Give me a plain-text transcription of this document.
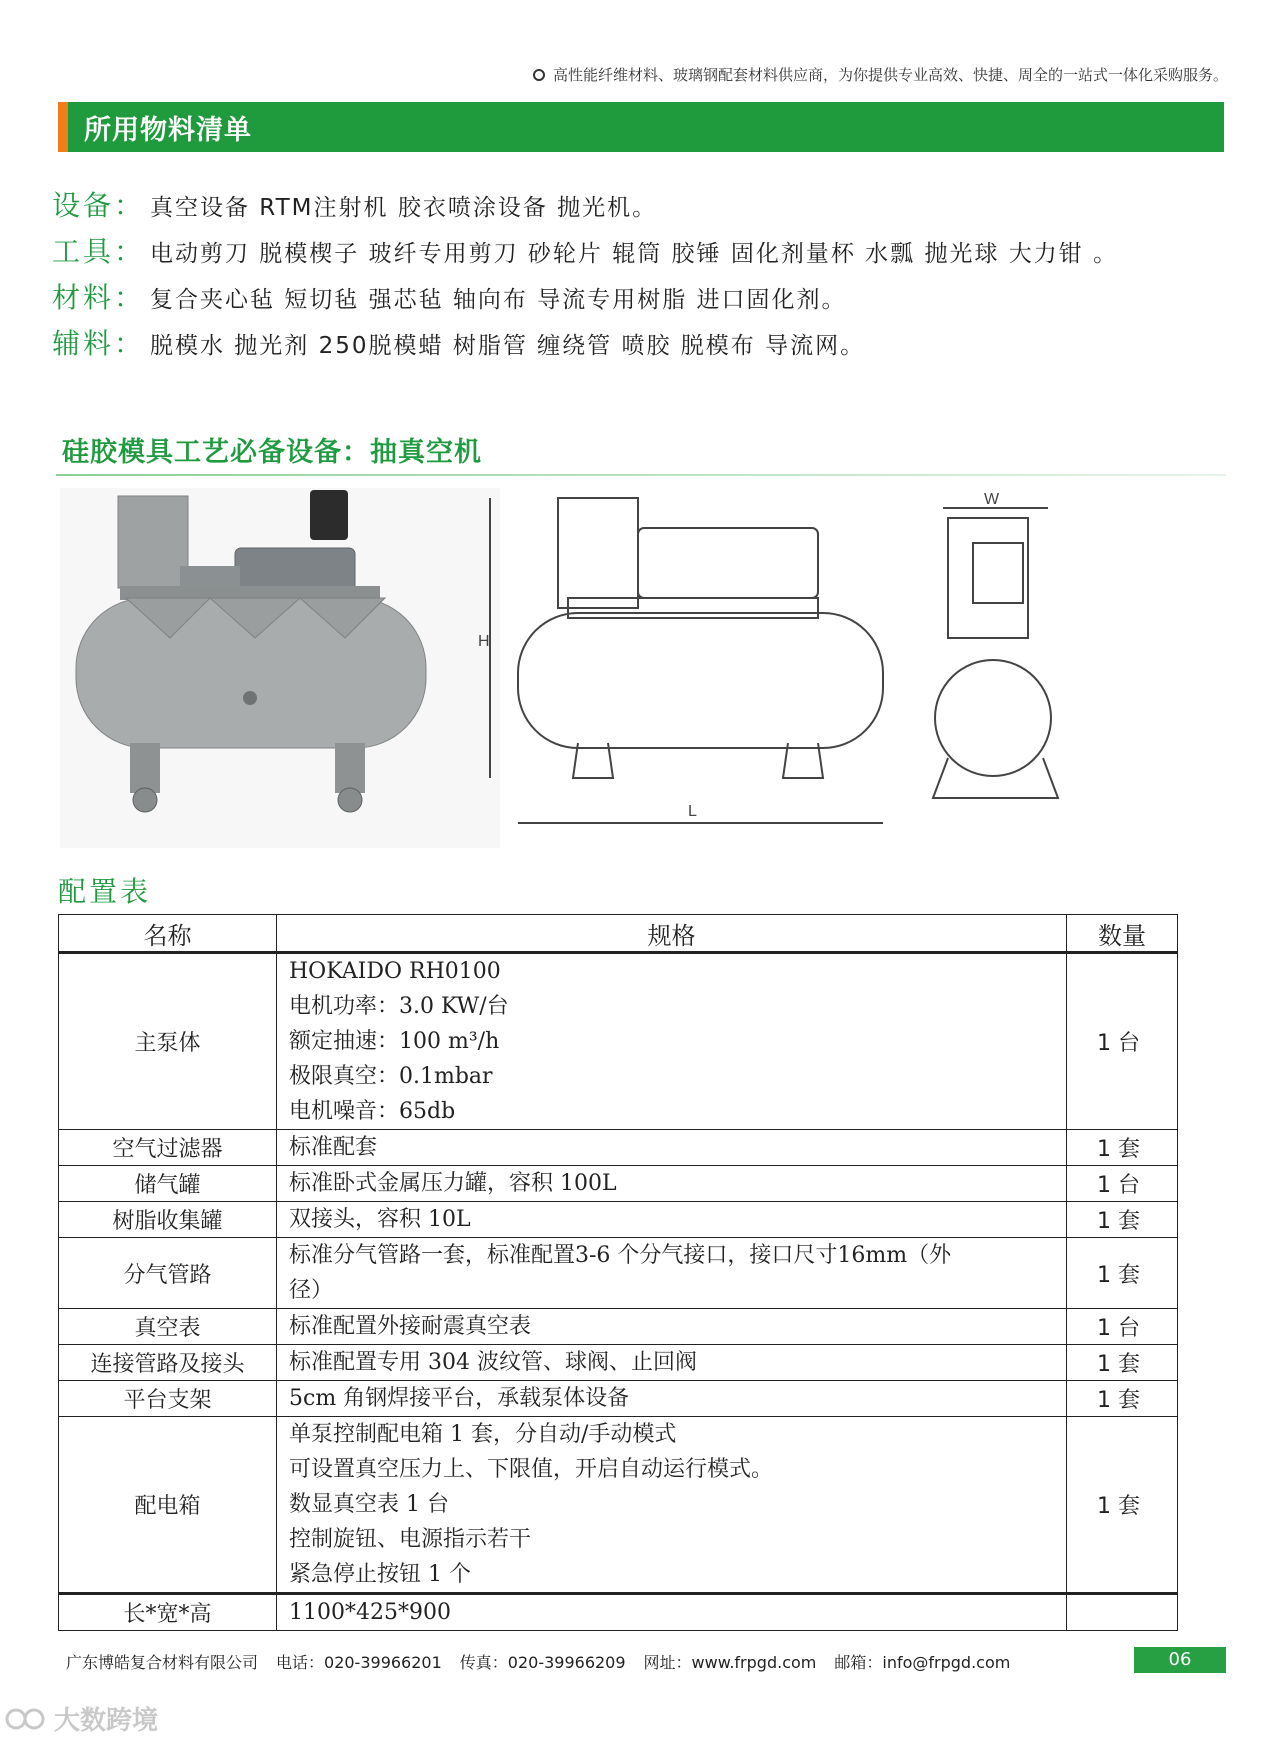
高性能纤维材料、玻璃钢配套材料供应商，为你提供专业高效、快捷、周全的一站式一体化采购服务。
所用物料清单
设备： 真空设备 RTM注射机 胶衣喷涂设备 抛光机。
工具： 电动剪刀 脱模楔子 玻纤专用剪刀 砂轮片 辊筒 胶锤 固化剂量杯 水瓢 抛光球 大力钳 。
材料： 复合夹心毡 短切毡 强芯毡 轴向布 导流专用树脂 进口固化剂。
辅料： 脱模水 抛光剂 250脱模蜡 树脂管 缠绕管 喷胶 脱模布 导流网。
硅胶模具工艺必备设备：抽真空机
H
L
W
配置表
名称	规格	数量
主泵体	HOKAIDO RH0100
电机功率：3.0 KW/台
额定抽速：100 m³/h
极限真空：0.1mbar
电机噪音：65db	1 台
空气过滤器	标准配套	1 套
储气罐	标准卧式金属压力罐，容积 100L	1 台
树脂收集罐	双接头，容积 10L	1 套
分气管路	标准分气管路一套，标准配置3-6 个分气接口，接口尺寸16mm（外
径）	1 套
真空表	标准配置外接耐震真空表	1 台
连接管路及接头	标准配置专用 304 波纹管、球阀、止回阀	1 套
平台支架	5cm 角钢焊接平台，承载泵体设备	1 套
配电箱	单泵控制配电箱 1 套，分自动/手动模式
可设置真空压力上、下限值，开启自动运行模式。
数显真空表 1 台
控制旋钮、电源指示若干
紧急停止按钮 1 个	1 套
长*宽*高	1100*425*900	

广东博皓复合材料有限公司 电话：020-39966201 传真：020-39966209 网址：www.frpgd.com 邮箱：info@frpgd.com	06
大数跨境
